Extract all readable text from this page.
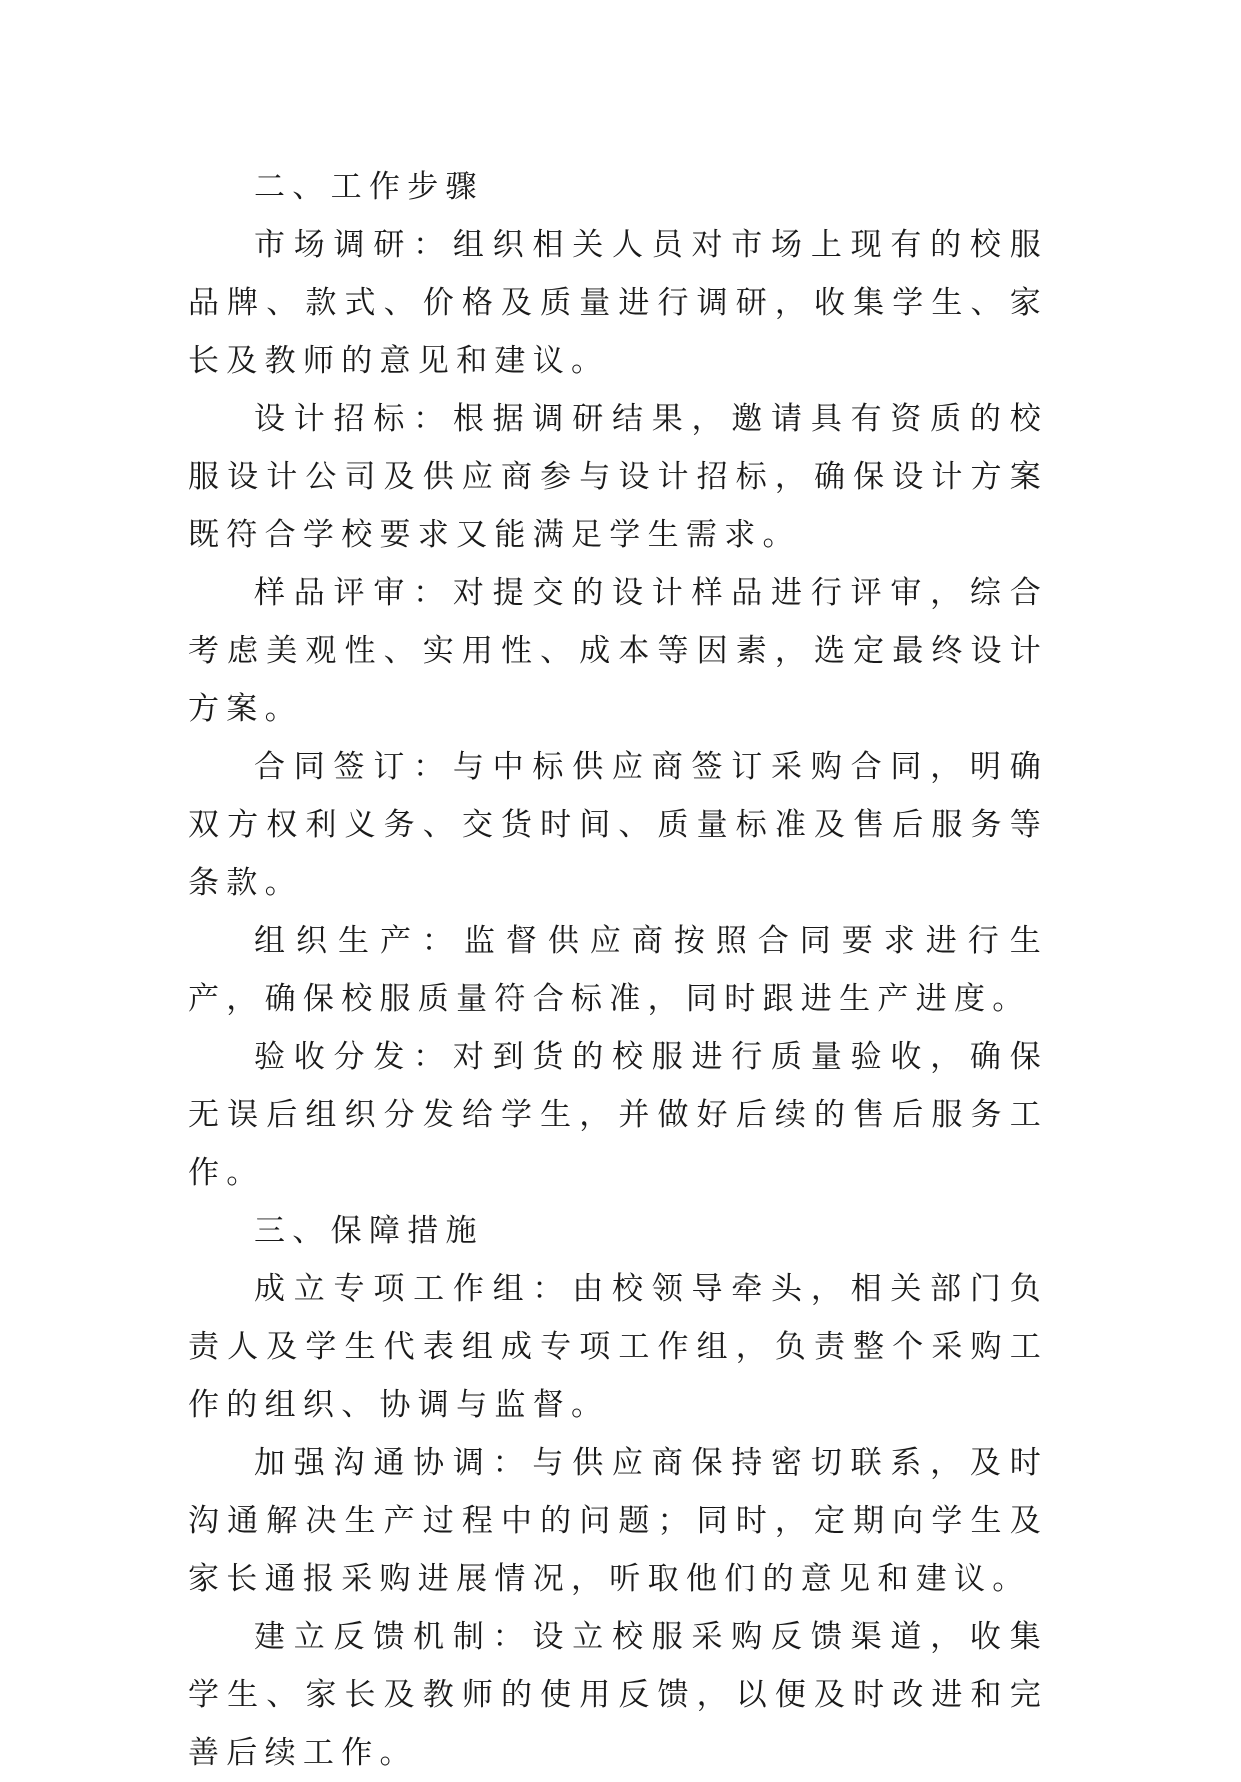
二、工作步骤

市场调研：组织相关人员对市场上现有的校服品牌、款式、价格及质量进行调研，收集学生、家长及教师的意见和建议。

设计招标：根据调研结果，邀请具有资质的校服设计公司及供应商参与设计招标，确保设计方案既符合学校要求又能满足学生需求。

样品评审：对提交的设计样品进行评审，综合考虑美观性、实用性、成本等因素，选定最终设计方案。

合同签订：与中标供应商签订采购合同，明确双方权利义务、交货时间、质量标准及售后服务等条款。

组织生产：监督供应商按照合同要求进行生产，确保校服质量符合标准，同时跟进生产进度。

验收分发：对到货的校服进行质量验收，确保无误后组织分发给学生，并做好后续的售后服务工作。

三、保障措施

成立专项工作组：由校领导牵头，相关部门负责人及学生代表组成专项工作组，负责整个采购工作的组织、协调与监督。

加强沟通协调：与供应商保持密切联系，及时沟通解决生产过程中的问题；同时，定期向学生及家长通报采购进展情况，听取他们的意见和建议。

建立反馈机制：设立校服采购反馈渠道，收集学生、家长及教师的使用反馈，以便及时改进和完善后续工作。
